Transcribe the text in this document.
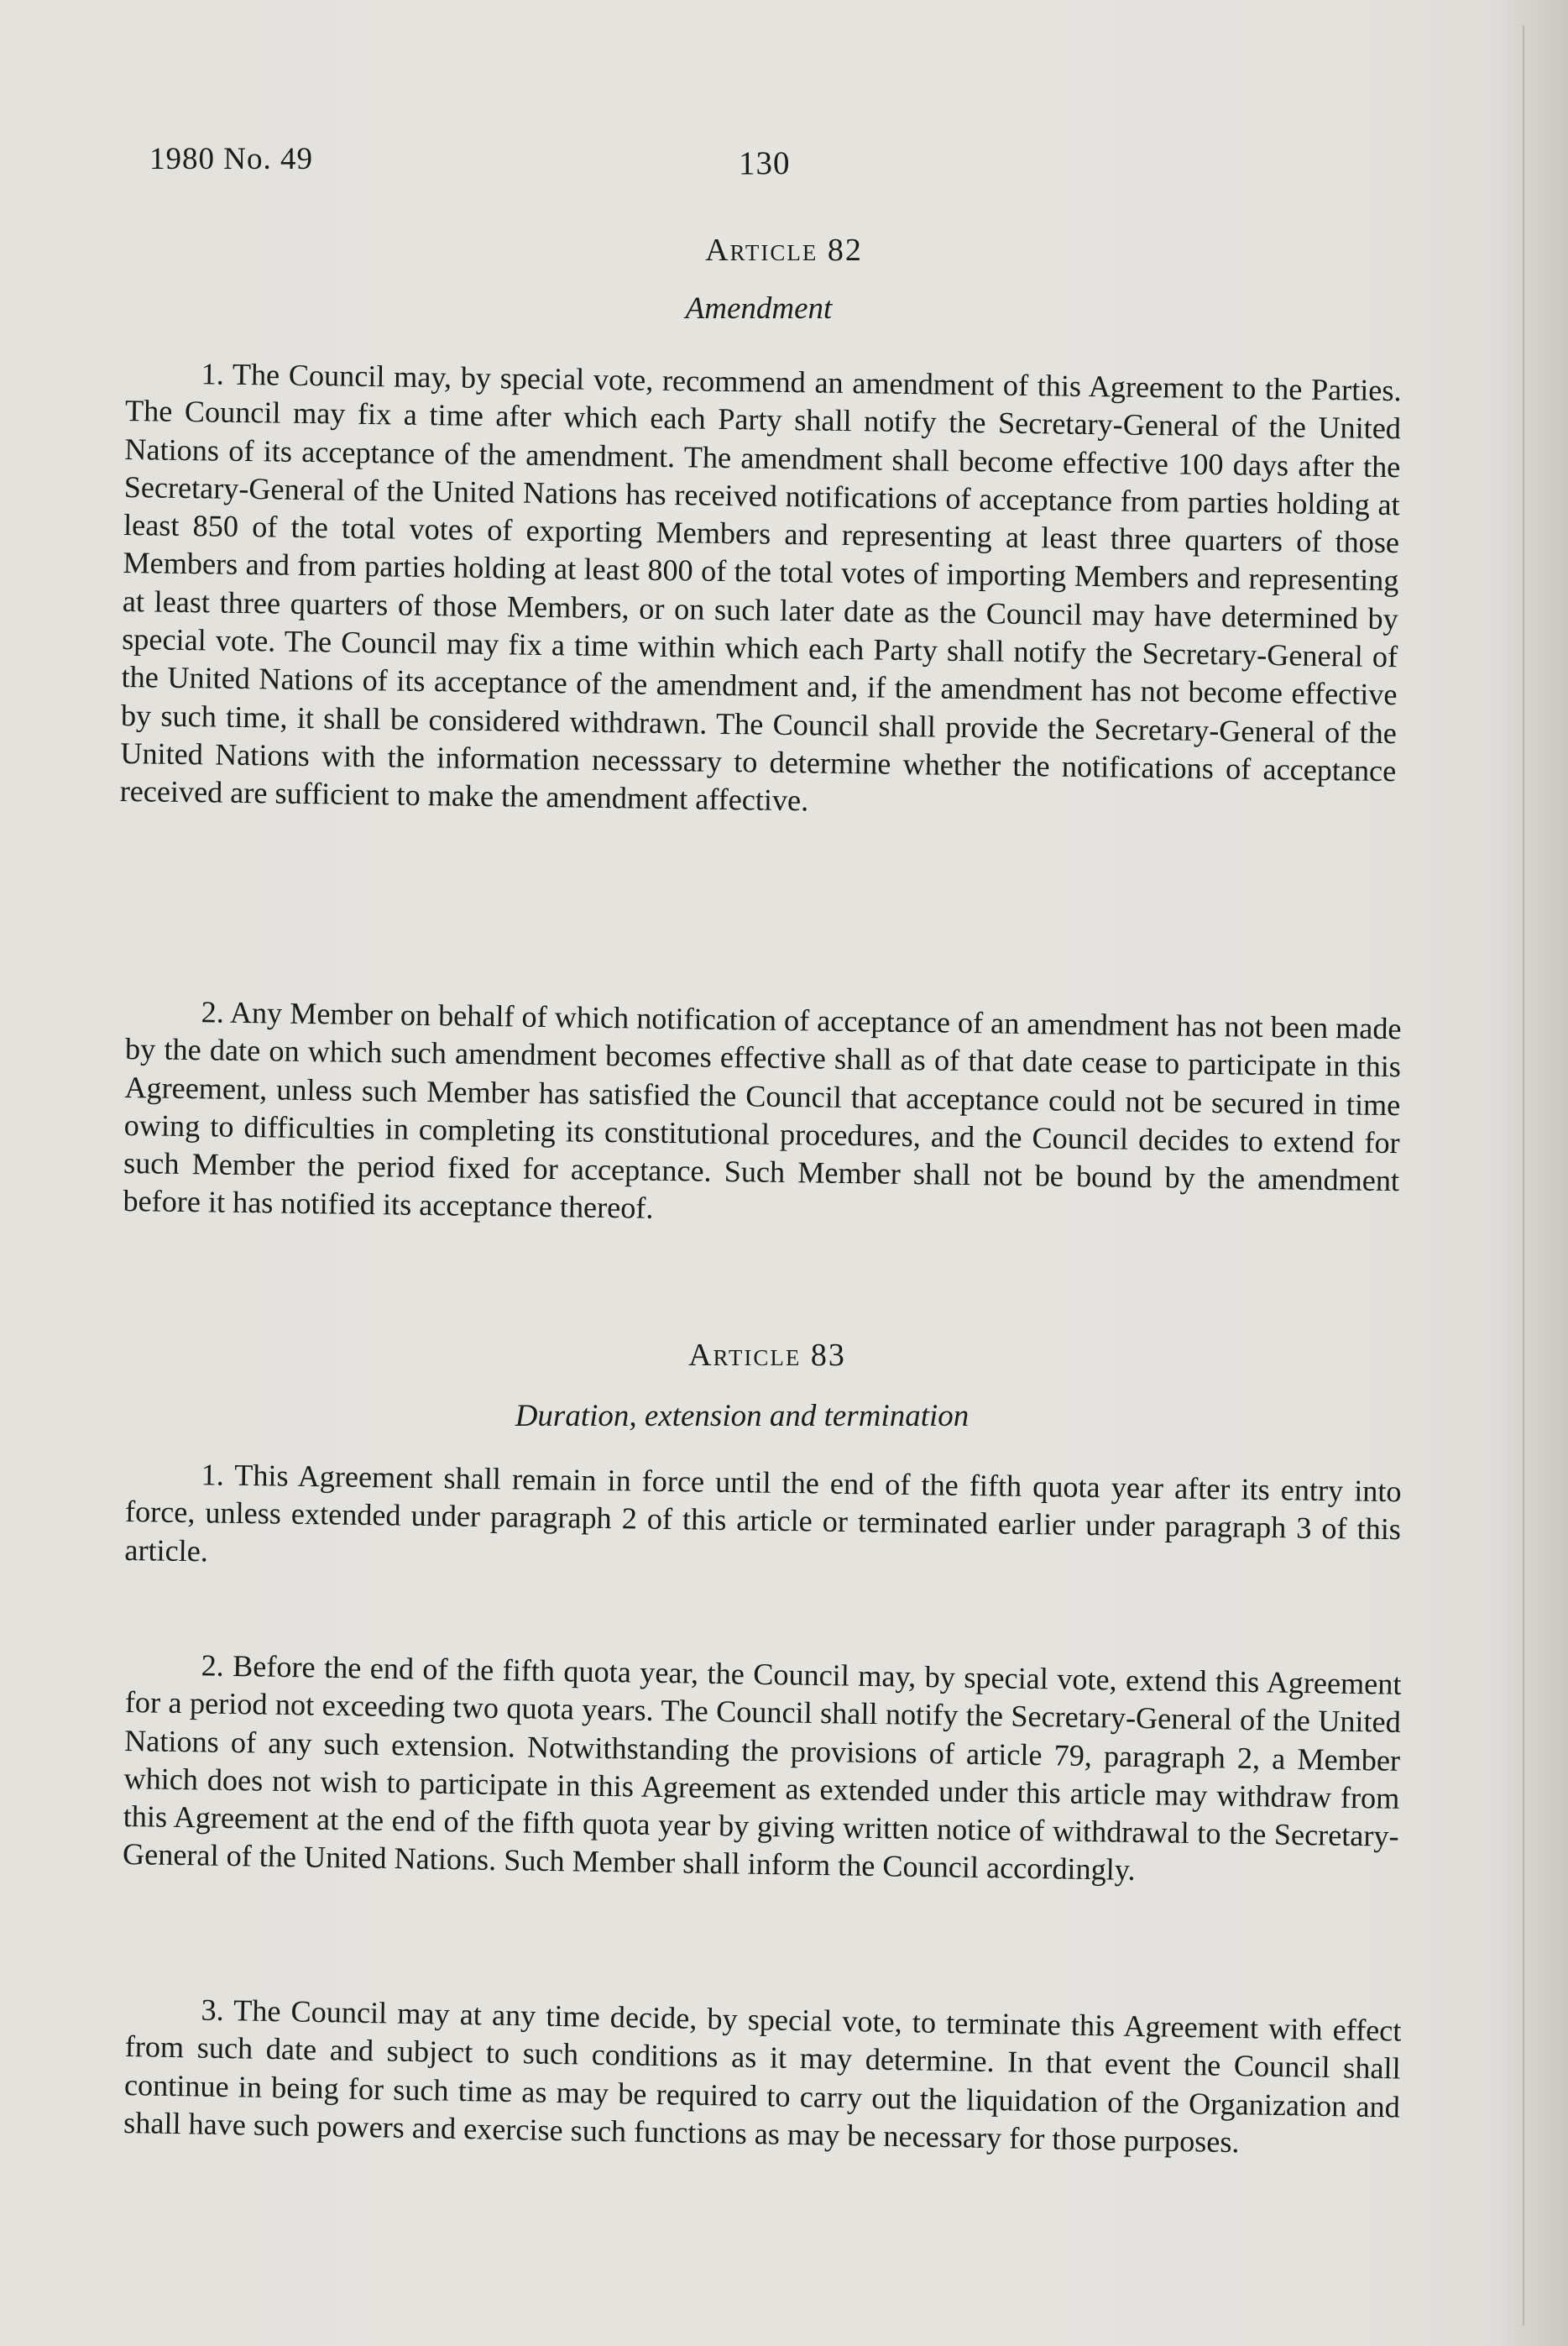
1980 No. 49	130
Article 82
Amendment

1. The Council may, by special vote, recommend an amendment of this Agreement to the Parties. The Council may fix a time after which each Party shall notify the Secretary-General of the United Nations of its acceptance of the amendment. The amendment shall become effective 100 days after the Secretary-General of the United Nations has received notifications of acceptance from parties holding at least 850 of the total votes of exporting Members and representing at least three quarters of those Members and from parties holding at least 800 of the total votes of importing Members and representing at least three quarters of those Members, or on such later date as the Council may have determined by special vote. The Council may fix a time within which each Party shall notify the Secretary-General of the United Nations of its acceptance of the amendment and, if the amendment has not become effective by such time, it shall be considered withdrawn. The Council shall provide the Secretary-General of the United Nations with the information necesssary to determine whether the notifications of acceptance received are sufficient to make the amendment affective.

2. Any Member on behalf of which notification of acceptance of an amendment has not been made by the date on which such amendment becomes effective shall as of that date cease to participate in this Agreement, unless such Member has satisfied the Council that acceptance could not be secured in time owing to difficulties in completing its constitutional procedures, and the Council decides to extend for such Member the period fixed for acceptance. Such Member shall not be bound by the amendment before it has notified its acceptance thereof.

Article 83
Duration, extension and termination

1. This Agreement shall remain in force until the end of the fifth quota year after its entry into force, unless extended under paragraph 2 of this article or terminated earlier under paragraph 3 of this article.

2. Before the end of the fifth quota year, the Council may, by special vote, extend this Agreement for a period not exceeding two quota years. The Council shall notify the Secretary-General of the United Nations of any such extension. Notwithstanding the provisions of article 79, paragraph 2, a Member which does not wish to participate in this Agreement as extended under this article may withdraw from this Agreement at the end of the fifth quota year by giving written notice of withdrawal to the Secretary-General of the United Nations. Such Member shall inform the Council accordingly.

3. The Council may at any time decide, by special vote, to terminate this Agreement with effect from such date and subject to such conditions as it may determine. In that event the Council shall continue in being for such time as may be required to carry out the liquidation of the Organization and shall have such powers and exercise such functions as may be necessary for those purposes.
